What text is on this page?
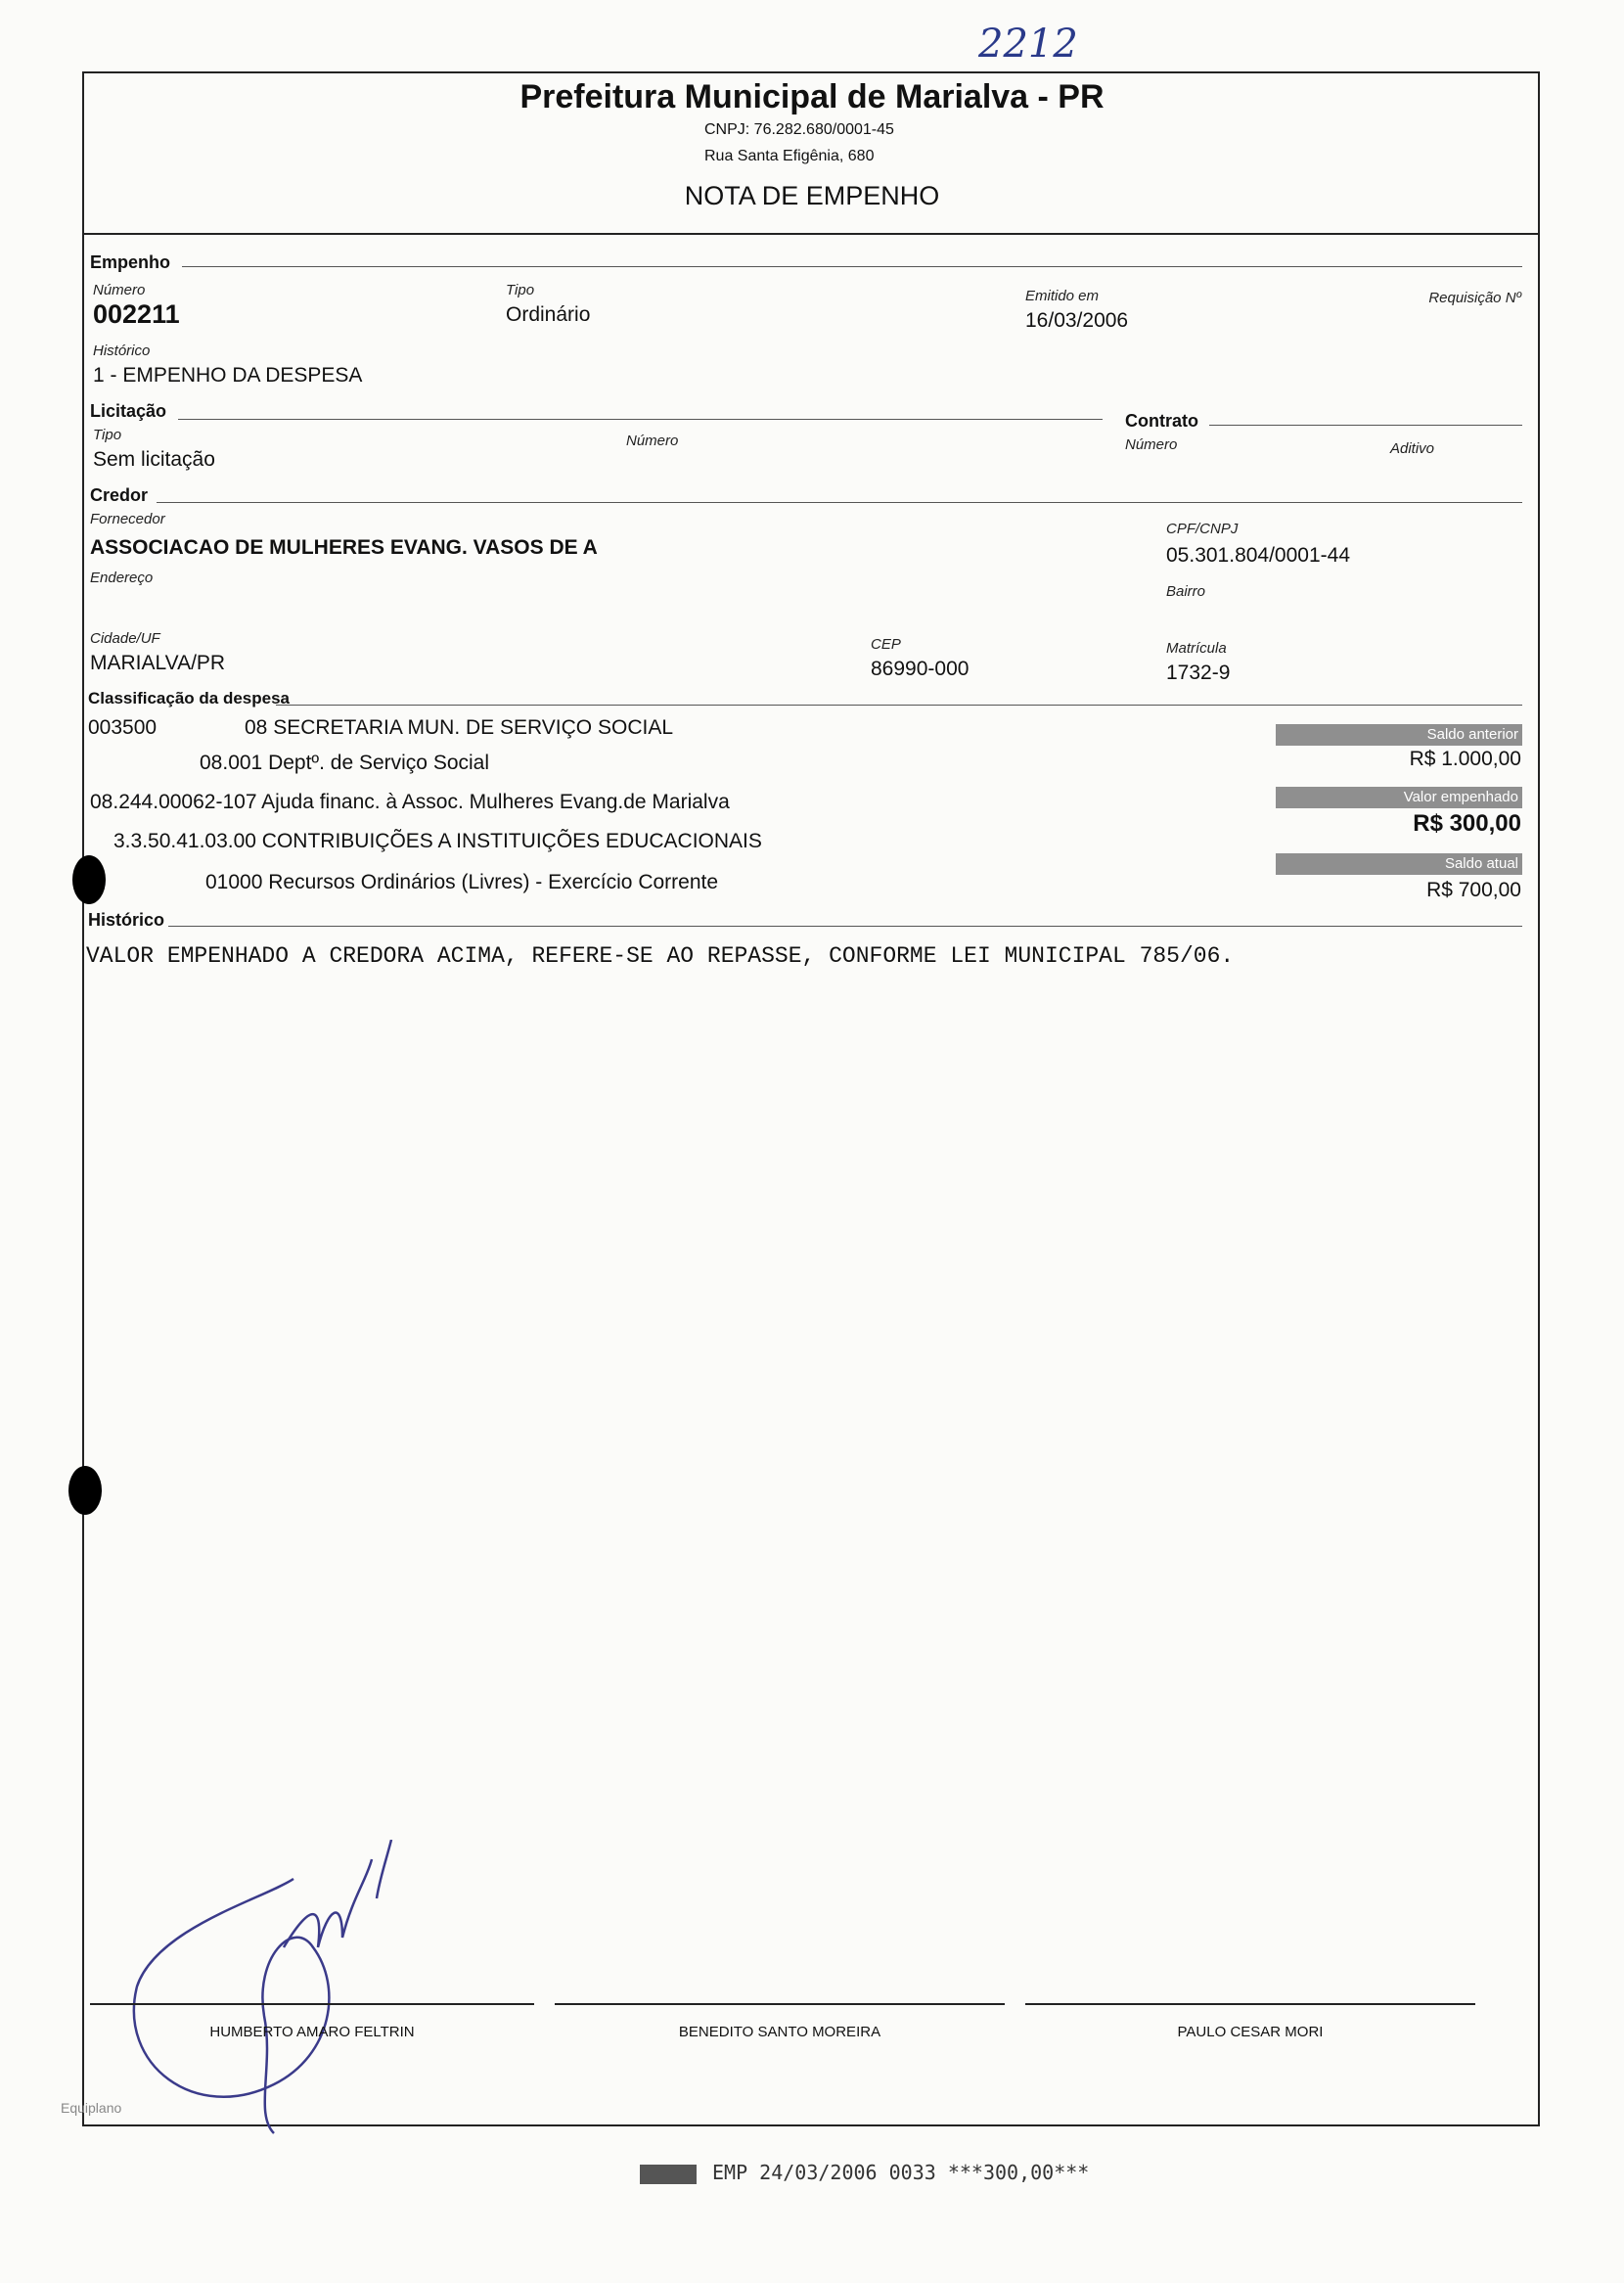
2212
Prefeitura Municipal de Marialva - PR
CNPJ: 76.282.680/0001-45
Rua Santa Efigênia, 680
NOTA DE EMPENHO
Empenho
Número
002211
Tipo
Ordinário
Emitido em
16/03/2006
Requisição Nº
Histórico
1 - EMPENHO DA DESPESA
Licitação
Tipo
Sem licitação
Número
Contrato
Número	Aditivo
Credor
Fornecedor
ASSOCIACAO DE MULHERES EVANG. VASOS DE A
CPF/CNPJ
05.301.804/0001-44
Endereço
Bairro
Cidade/UF
MARIALVA/PR
CEP
86990-000
Matrícula
1732-9
Classificação da despesa
003500	08 SECRETARIA MUN. DE SERVIÇO SOCIAL
08.001 Deptº. de Serviço Social
08.244.00062-107 Ajuda financ. à Assoc. Mulheres Evang.de Marialva
3.3.50.41.03.00 CONTRIBUIÇÕES A INSTITUIÇÕES EDUCACIONAIS
01000 Recursos Ordinários (Livres) - Exercício Corrente
Saldo anterior
R$ 1.000,00
Valor empenhado
R$ 300,00
Saldo atual
R$ 700,00
Histórico
VALOR EMPENHADO A CREDORA ACIMA, REFERE-SE AO REPASSE, CONFORME LEI MUNICIPAL 785/06.
HUMBERTO AMARO FELTRIN	BENEDITO SANTO MOREIRA	PAULO CESAR MORI
Equiplano
EMP 24/03/2006 0033 ***300,00***
